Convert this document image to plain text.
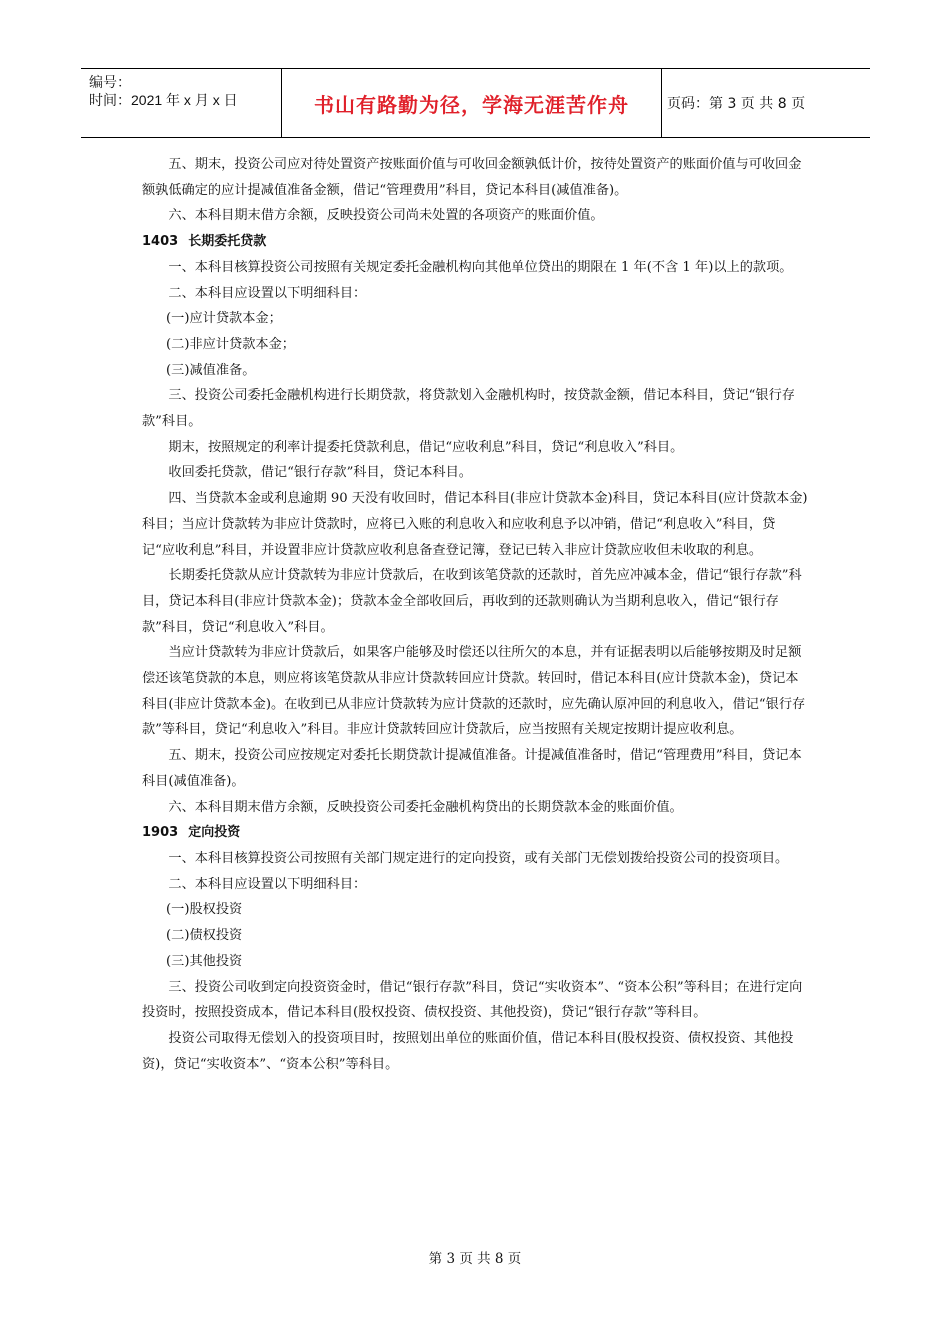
编号：
时间：2021 年 x 月 x 日	书山有路勤为径，学海无涯苦作舟	页码：第 3 页 共 8 页

五、期末，投资公司应对待处置资产按账面价值与可收回金额孰低计价，按待处置资产的账面价值与可收回金额孰低确定的应计提减值准备金额，借记“管理费用”科目，贷记本科目(减值准备)。

六、本科目期末借方余额，反映投资公司尚未处置的各项资产的账面价值。

1403 长期委托贷款

一、本科目核算投资公司按照有关规定委托金融机构向其他单位贷出的期限在 1 年(不含 1 年)以上的款项。

二、本科目应设置以下明细科目：

(一)应计贷款本金；

(二)非应计贷款本金；

(三)减值准备。

三、投资公司委托金融机构进行长期贷款，将贷款划入金融机构时，按贷款金额，借记本科目，贷记“银行存款”科目。

期末，按照规定的利率计提委托贷款利息，借记“应收利息”科目，贷记“利息收入”科目。

收回委托贷款，借记“银行存款”科目，贷记本科目。

四、当贷款本金或利息逾期 90 天没有收回时，借记本科目(非应计贷款本金)科目，贷记本科目(应计贷款本金)科目；当应计贷款转为非应计贷款时，应将已入账的利息收入和应收利息予以冲销，借记“利息收入”科目，贷记“应收利息”科目，并设置非应计贷款应收利息备查登记簿，登记已转入非应计贷款应收但未收取的利息。

长期委托贷款从应计贷款转为非应计贷款后，在收到该笔贷款的还款时，首先应冲减本金，借记“银行存款”科目，贷记本科目(非应计贷款本金)；贷款本金全部收回后，再收到的还款则确认为当期利息收入，借记“银行存款”科目，贷记“利息收入”科目。

当应计贷款转为非应计贷款后，如果客户能够及时偿还以往所欠的本息，并有证据表明以后能够按期及时足额偿还该笔贷款的本息，则应将该笔贷款从非应计贷款转回应计贷款。转回时，借记本科目(应计贷款本金)，贷记本科目(非应计贷款本金)。在收到已从非应计贷款转为应计贷款的还款时，应先确认原冲回的利息收入，借记“银行存款”等科目，贷记“利息收入”科目。非应计贷款转回应计贷款后，应当按照有关规定按期计提应收利息。

五、期末，投资公司应按规定对委托长期贷款计提减值准备。计提减值准备时，借记“管理费用”科目，贷记本科目(减值准备)。

六、本科目期末借方余额，反映投资公司委托金融机构贷出的长期贷款本金的账面价值。

1903 定向投资

一、本科目核算投资公司按照有关部门规定进行的定向投资，或有关部门无偿划拨给投资公司的投资项目。

二、本科目应设置以下明细科目：

(一)股权投资

(二)债权投资

(三)其他投资

三、投资公司收到定向投资资金时，借记“银行存款”科目，贷记“实收资本”、“资本公积”等科目；在进行定向投资时，按照投资成本，借记本科目(股权投资、债权投资、其他投资)，贷记“银行存款”等科目。

投资公司取得无偿划入的投资项目时，按照划出单位的账面价值，借记本科目(股权投资、债权投资、其他投资)，贷记“实收资本”、“资本公积”等科目。

第 3 页 共 8 页
